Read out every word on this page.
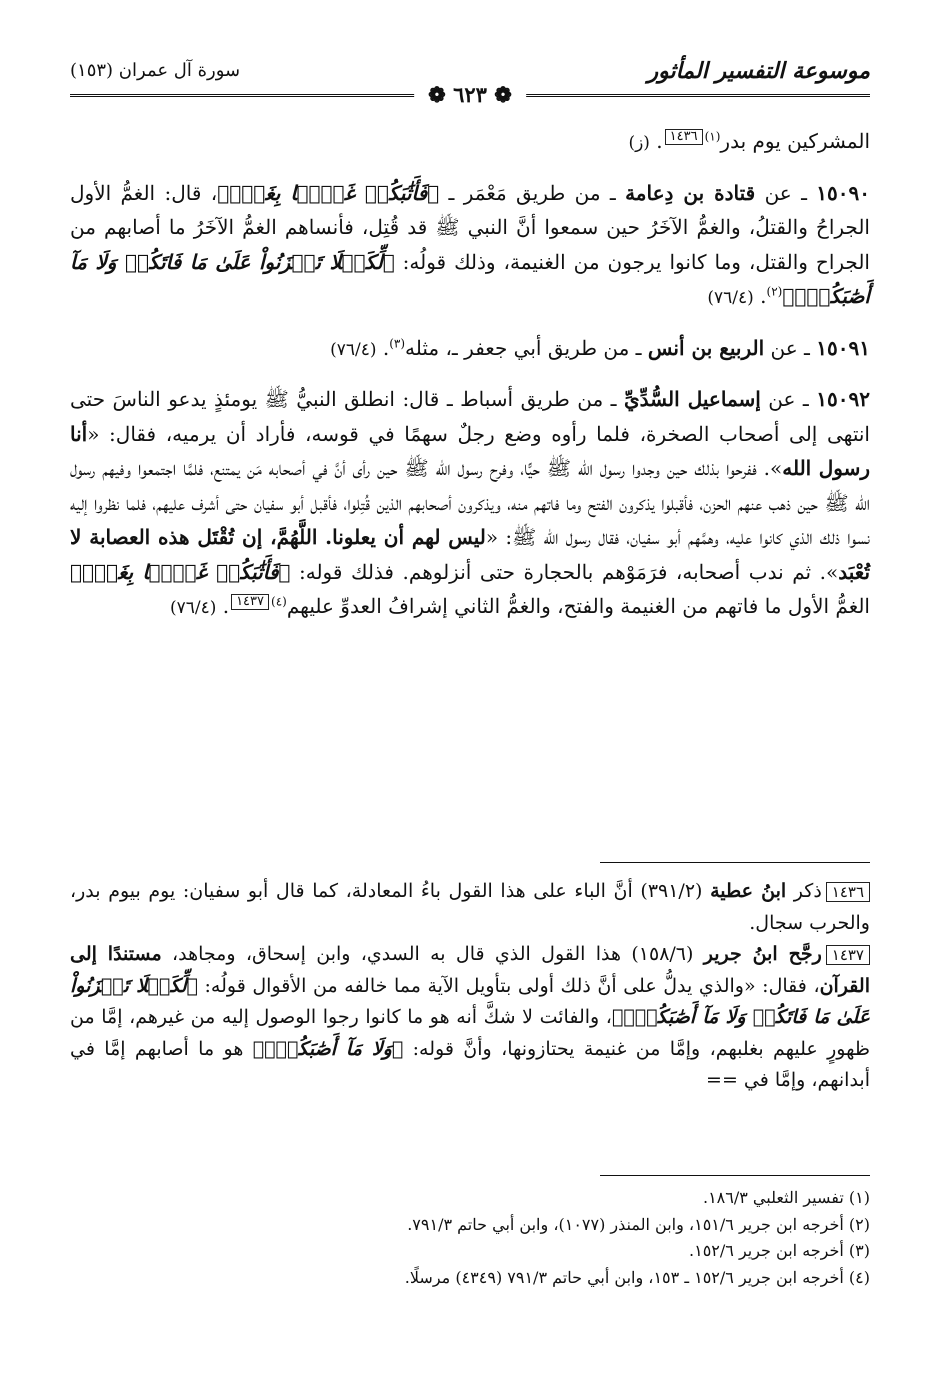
موسوعة التفسير المأثور
سورة آل عمران (١٥٣)
❁ ٦٢٣ ❁

المشركين يوم بدر$^{(١)}$١٤٣٦. (ز)

١٥٠٩٠ ـ عن قتادة بن دِعامة ـ من طريق مَعْمَر ـ ﴿فَأَثَٰبَكُمۡ غَمَّۢا بِغَمّٖ﴾، قال: الغمُّ الأول الجراحُ والقتلُ، والغمُّ الآخَرُ حين سمعوا أنَّ النبي ﷺ قد قُتِل، فأنساهم الغمُّ الآخَرُ ما أصابهم من الجراح والقتل، وما كانوا يرجون من الغنيمة، وذلك قولُه: ﴿لِّكَيۡلَا تَحۡزَنُواْ عَلَىٰ مَا فَاتَكُمۡ وَلَا مَآ أَصَٰبَكُمۡۗ﴾$^{(٢)}$. (٧٦/٤)

١٥٠٩١ ـ عن الربيع بن أنس ـ من طريق أبي جعفر ـ، مثله$^{(٣)}$. (٧٦/٤)

١٥٠٩٢ ـ عن إسماعيل السُّدِّيِّ ـ من طريق أسباط ـ قال: انطلق النبيُّ ﷺ يومئذٍ يدعو الناسَ حتى انتهى إلى أصحاب الصخرة، فلما رأوه وضع رجلٌ سهمًا في قوسه، فأراد أن يرميه، فقال: «أنا رسول الله». ففرحوا بذلك حين وجدوا رسول الله ﷺ حيًّا، وفرح رسول الله ﷺ حين رأى أنَّ في أصحابه مَن يمتنع، فلمَّا اجتمعوا وفيهم رسول الله ﷺ حين ذهب عنهم الحزن، فأقبلوا يذكرون الفتح وما فاتهم منه، ويذكرون أصحابهم الذين قُتِلوا، فأقبل أبو سفيان حتى أشرف عليهم، فلما نظروا إليه نسوا ذلك الذي كانوا عليه، وهمَّهم أبو سفيان، فقال رسول الله ﷺ: «ليس لهم أن يعلونا. اللَّهُمَّ، إن تُقْتَل هذه العصابة لا تُعْبَد». ثم ندب أصحابه، فرَمَوْهم بالحجارة حتى أنزلوهم. فذلك قوله: ﴿فَأَثَٰبَكُمۡ غَمَّۢا بِغَمّٖ﴾ الغمُّ الأول ما فاتهم من الغنيمة والفتح، والغمُّ الثاني إشرافُ العدوِّ عليهم$^{(٤)}$١٤٣٧. (٧٦/٤)

١٤٣٦ذكر ابنُ عطية (٣٩١/٢) أنَّ الباء على هذا القول باءُ المعادلة، كما قال أبو سفيان: يوم بيوم بدر، والحرب سجال.

١٤٣٧رجَّح ابنُ جرير (١٥٨/٦) هذا القول الذي قال به السدي، وابن إسحاق، ومجاهد، مستندًا إلى القرآن، فقال: «والذي يدلُّ على أنَّ ذلك أولى بتأويل الآية مما خالفه من الأقوال قولُه: ﴿لِّكَيۡلَا تَحۡزَنُواْ عَلَىٰ مَا فَاتَكُمۡ وَلَا مَآ أَصَٰبَكُمۡۗ﴾، والفائت لا شكَّ أنه هو ما كانوا رجوا الوصول إليه من غيرهم، إمَّا من ظهورٍ عليهم بغلبهم، وإمَّا من غنيمة يحتازونها، وأنَّ قوله: ﴿وَلَا مَآ أَصَٰبَكُمۡۗ﴾ هو ما أصابهم إمَّا في أبدانهم، وإمَّا في ==

(١) تفسير الثعلبي ١٨٦/٣.

(٢) أخرجه ابن جرير ١٥١/٦، وابن المنذر (١٠٧٧)، وابن أبي حاتم ٧٩١/٣.

(٣) أخرجه ابن جرير ١٥٢/٦.

(٤) أخرجه ابن جرير ١٥٢/٦ ـ ١٥٣، وابن أبي حاتم ٧٩١/٣ (٤٣٤٩) مرسلًا.
